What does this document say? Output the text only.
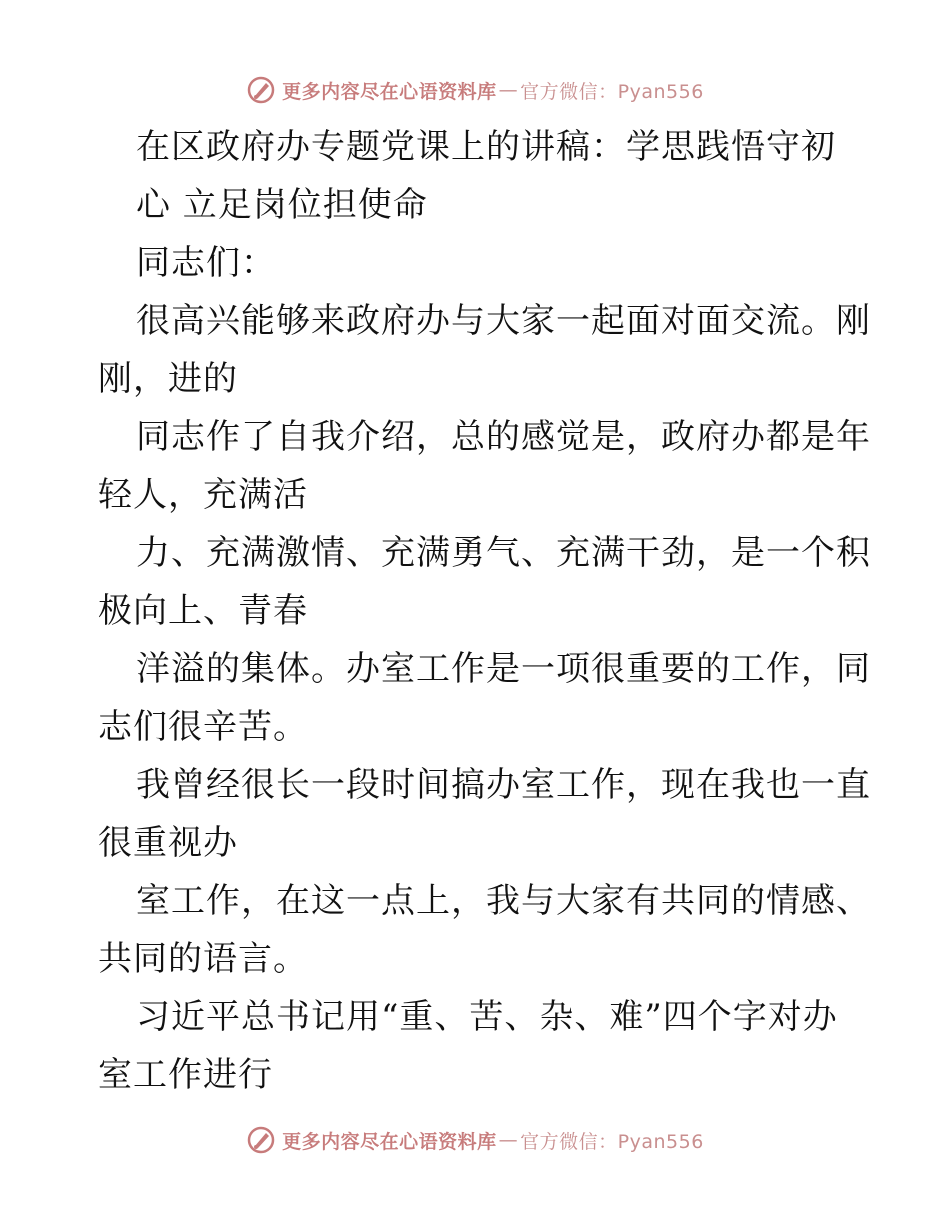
更多内容尽在心语资料库 — 官方微信：Pyan556
在区政府办专题党课上的讲稿：学思践悟守初
心 立足岗位担使命
同志们：
很高兴能够来政府办与大家一起面对面交流。刚
刚，进的
同志作了自我介绍，总的感觉是，政府办都是年
轻人，充满活
力、充满激情、充满勇气、充满干劲，是一个积
极向上、青春
洋溢的集体。办室工作是一项很重要的工作，同
志们很辛苦。
我曾经很长一段时间搞办室工作，现在我也一直
很重视办
室工作，在这一点上，我与大家有共同的情感、
共同的语言。
习近平总书记用“重、苦、杂、难”四个字对办
室工作进行
更多内容尽在心语资料库 — 官方微信：Pyan556
